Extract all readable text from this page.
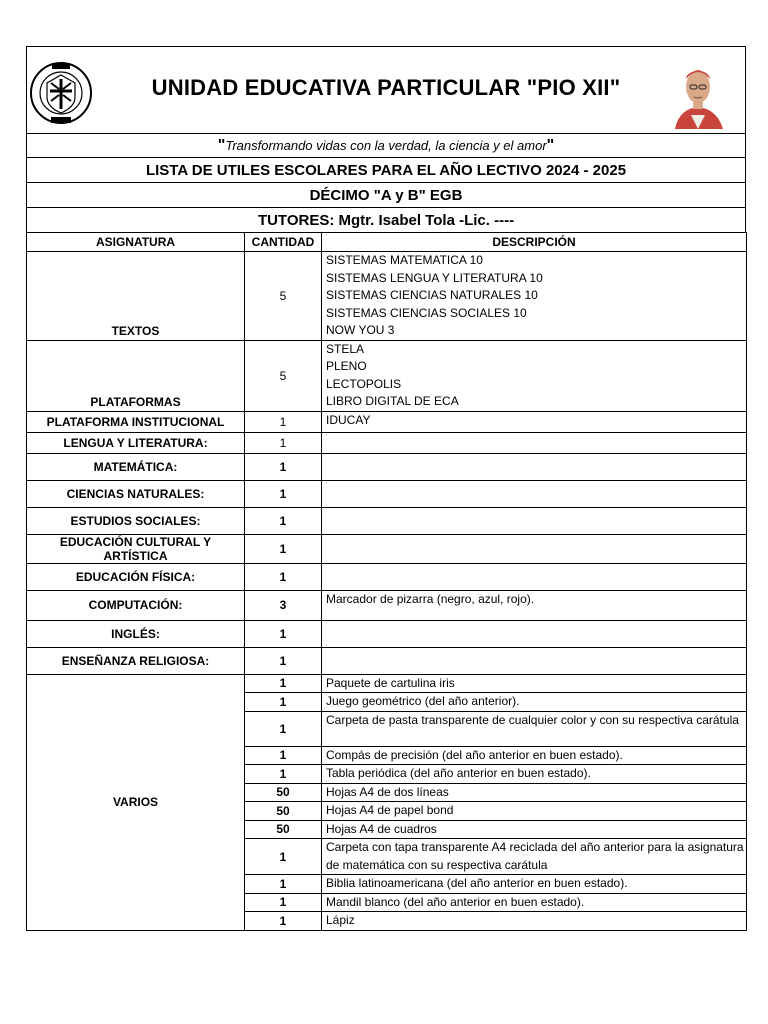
UNIDAD EDUCATIVA PARTICULAR "PIO XII"
" Transformando vidas con la verdad, la ciencia y el amor "
LISTA DE UTILES ESCOLARES PARA EL AÑO LECTIVO 2024 - 2025
DÉCIMO "A y B" EGB
TUTORES: Mgtr. Isabel Tola -Lic. ----
ASIGNATURA	CANTIDAD	DESCRIPCIÓN
TEXTOS	5	SISTEMAS MATEMATICA 10
SISTEMAS LENGUA Y LITERATURA 10
SISTEMAS CIENCIAS NATURALES 10
SISTEMAS CIENCIAS SOCIALES 10
NOW YOU 3

PLATAFORMAS	5	STELA
PLENO
LECTOPOLIS
LIBRO DIGITAL DE ECA

PLATAFORMA INSTITUCIONAL	1	IDUCAY
LENGUA Y LITERATURA:	1	
MATEMÁTICA:	1	
CIENCIAS NATURALES:	1	
ESTUDIOS SOCIALES:	1	
EDUCACIÓN CULTURAL Y ARTÍSTICA	1	
EDUCACIÓN FÍSICA:	1	
COMPUTACIÓN:	3	Marcador de pizarra (negro, azul, rojo).
INGLÉS:	1	
ENSEÑANZA RELIGIOSA:	1	
VARIOS	1	Paquete de cartulina iris
	1	Juego geométrico (del año anterior).
	1	Carpeta de pasta transparente de cualquier color y con su respectiva carátula
	1	Compás de precisión (del año anterior en buen estado).
	1	Tabla periódica (del año anterior en buen estado).
	50	Hojas A4 de dos líneas
	50	Hojas A4 de papel bond
	50	Hojas A4 de cuadros
	1	Carpeta con tapa transparente A4 reciclada del año anterior para la asignatura de matemática con su respectiva carátula
	1	Biblia latinoamericana (del año anterior en buen estado).
	1	Mandil blanco (del año anterior en buen estado).
	1	Lápiz
